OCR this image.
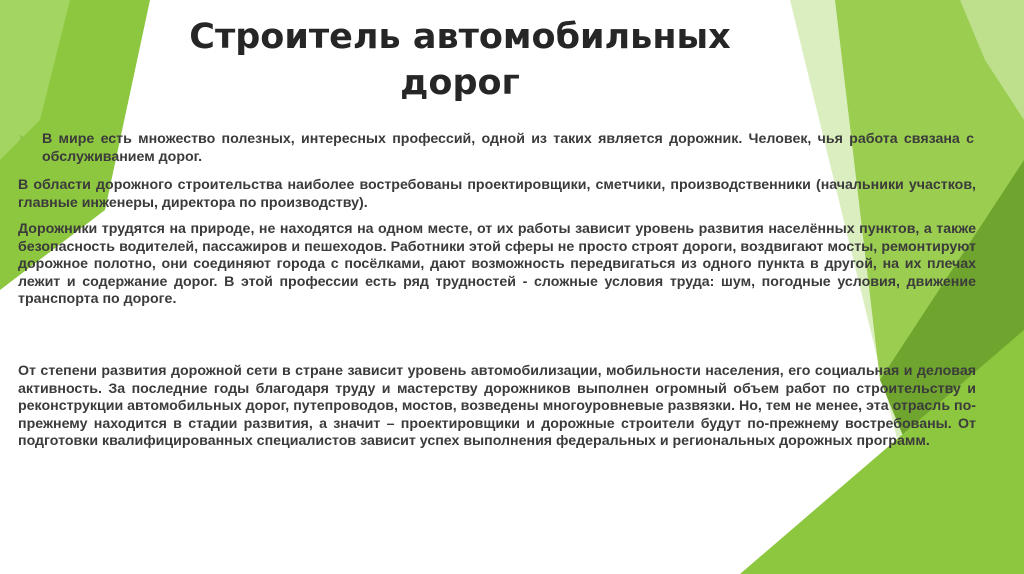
Строитель автомобильных
дорог
➤ В мире есть множество полезных, интересных профессий, одной из таких является дорожник. Человек, чья работа связана с обслуживанием дорог.

В области дорожного строительства наиболее востребованы проектировщики, сметчики, производственники (начальники участков, главные инженеры, директора по производству).

Дорожники трудятся на природе, не находятся на одном месте, от их работы зависит уровень развития населённых пунктов, а также безопасность водителей, пассажиров и пешеходов. Работники этой сферы не просто строят дороги, воздвигают мосты, ремонтируют дорожное полотно, они соединяют города с посёлками, дают возможность передвигаться из одного пункта в другой, на их плечах лежит и содержание дорог. В этой профессии есть ряд трудностей - сложные условия труда: шум, погодные условия, движение транспорта по дороге.

От степени развития дорожной сети в стране зависит уровень автомобилизации, мобильности населения, его социальная и деловая активность. За последние годы благодаря труду и мастерству дорожников выполнен огромный объем работ по строительству и реконструкции автомобильных дорог, путепроводов, мостов, возведены многоуровневые развязки. Но, тем не менее, эта отрасль по-прежнему находится в стадии развития, а значит – проектировщики и дорожные строители будут по-прежнему востребованы. От подготовки квалифицированных специалистов зависит успех выполнения федеральных и региональных дорожных программ.
